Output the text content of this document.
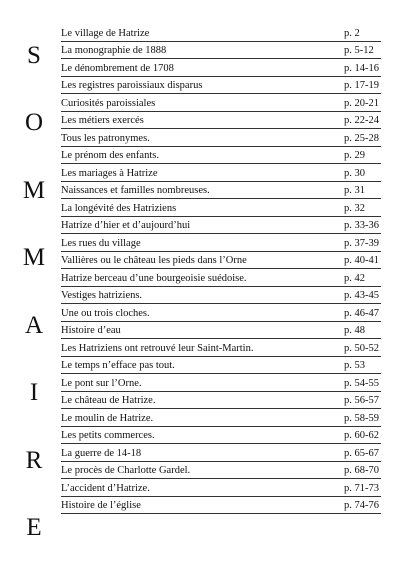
S
O
M
M
A
I
R
E
Le village de Hatrize	p. 2
La monographie de 1888	p. 5-12
Le dénombrement de 1708	p. 14-16
Les registres paroissiaux disparus	p. 17-19
Curiosités paroissiales	p. 20-21
Les métiers exercés	p. 22-24
Tous les patronymes.	p. 25-28
Le prénom des enfants.	p. 29
Les mariages à Hatrize	p. 30
Naissances et familles nombreuses.	p. 31
La longévité des Hatriziens	p. 32
Hatrize d’hier et d’aujourd’hui	p. 33-36
Les rues du village	p. 37-39
Vallières ou le château les pieds dans l’Orne	p. 40-41
Hatrize berceau d’une bourgeoisie suédoise.	p. 42
Vestiges hatriziens.	p. 43-45
Une ou trois cloches.	p. 46-47
Histoire d’eau	p. 48
Les Hatriziens ont retrouvé leur Saint-Martin.	p. 50-52
Le temps n’efface pas tout.	p. 53
Le pont sur l’Orne.	p. 54-55
Le château de Hatrize.	p. 56-57
Le moulin de Hatrize.	p. 58-59
Les petits commerces.	p. 60-62
La guerre de 14-18	p. 65-67
Le procès de Charlotte Gardel.	p. 68-70
L’accident d’Hatrize.	p. 71-73
Histoire de l’église	p. 74-76
